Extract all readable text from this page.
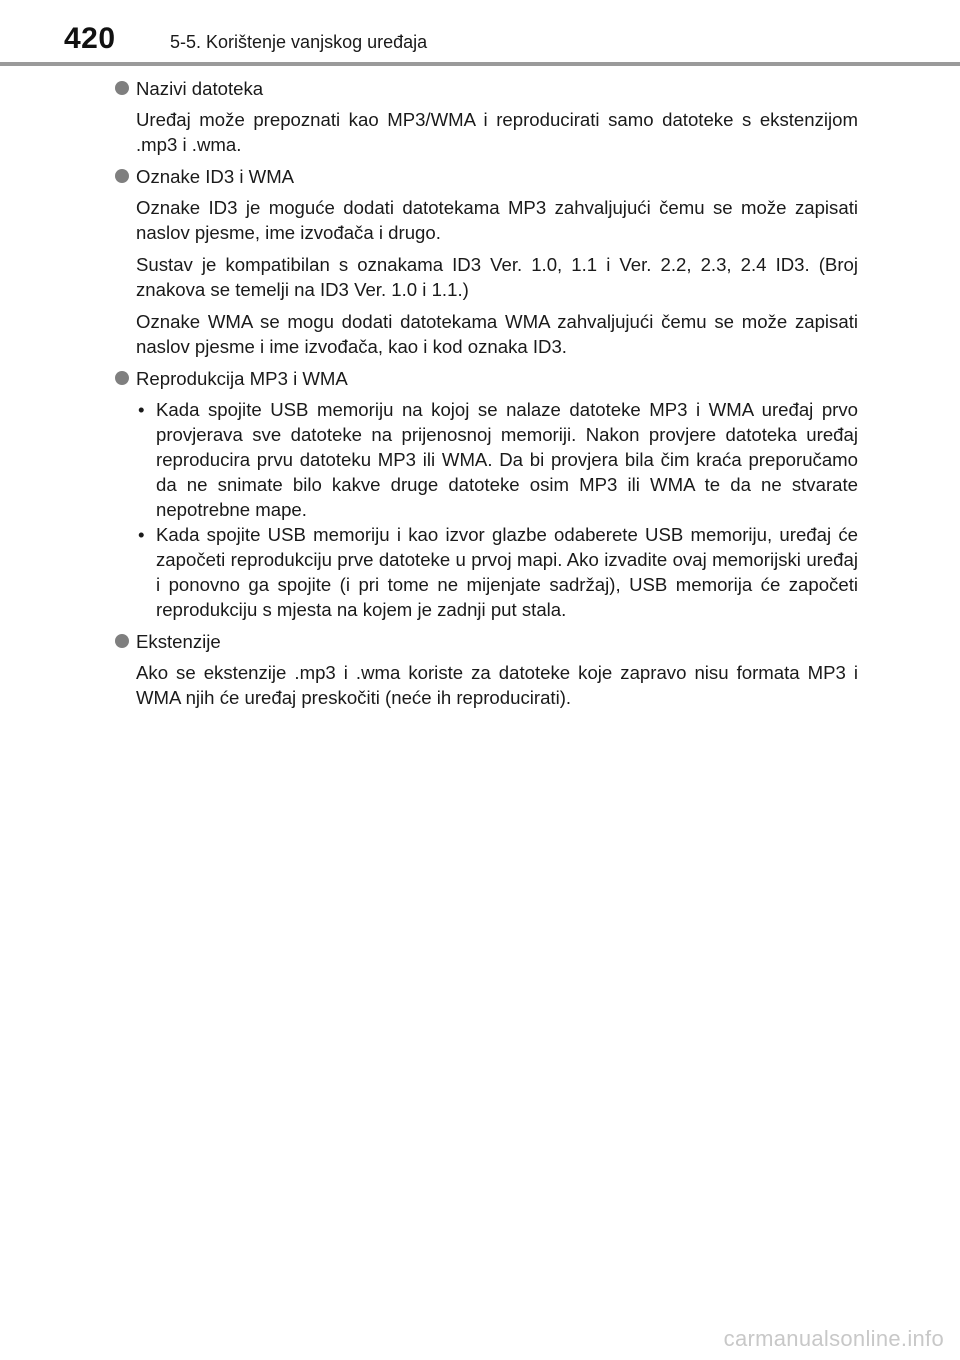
420	5-5. Korištenje vanjskog uređaja
Nazivi datoteka

Uređaj može prepoznati kao MP3/WMA i reproducirati samo datoteke s ekstenzijom .mp3 i .wma.

Oznake ID3 i WMA

Oznake ID3 je moguće dodati datotekama MP3 zahvaljujući čemu se može zapisati naslov pjesme, ime izvođača i drugo.

Sustav je kompatibilan s oznakama ID3 Ver. 1.0, 1.1 i Ver. 2.2, 2.3, 2.4 ID3. (Broj znakova se temelji na ID3 Ver. 1.0 i 1.1.)

Oznake WMA se mogu dodati datotekama WMA zahvaljujući čemu se može zapisati naslov pjesme i ime izvođača, kao i kod oznaka ID3.

Reprodukcija MP3 i WMA
• Kada spojite USB memoriju na kojoj se nalaze datoteke MP3 i WMA uređaj prvo provjerava sve datoteke na prijenosnoj memoriji. Nakon provjere datoteka uređaj reproducira prvu datoteku MP3 ili WMA. Da bi provjera bila čim kraća preporučamo da ne snimate bilo kakve druge datoteke osim MP3 ili WMA te da ne stvarate nepotrebne mape.
• Kada spojite USB memoriju i kao izvor glazbe odaberete USB memoriju, uređaj će započeti reprodukciju prve datoteke u prvoj mapi. Ako izvadite ovaj memorijski uređaj i ponovno ga spojite (i pri tome ne mijenjate sadržaj), USB memorija će započeti reprodukciju s mjesta na kojem je zadnji put stala.
Ekstenzije

Ako se ekstenzije .mp3 i .wma koriste za datoteke koje zapravo nisu formata MP3 i WMA njih će uređaj preskočiti (neće ih reproducirati).

carmanualsonline.info
